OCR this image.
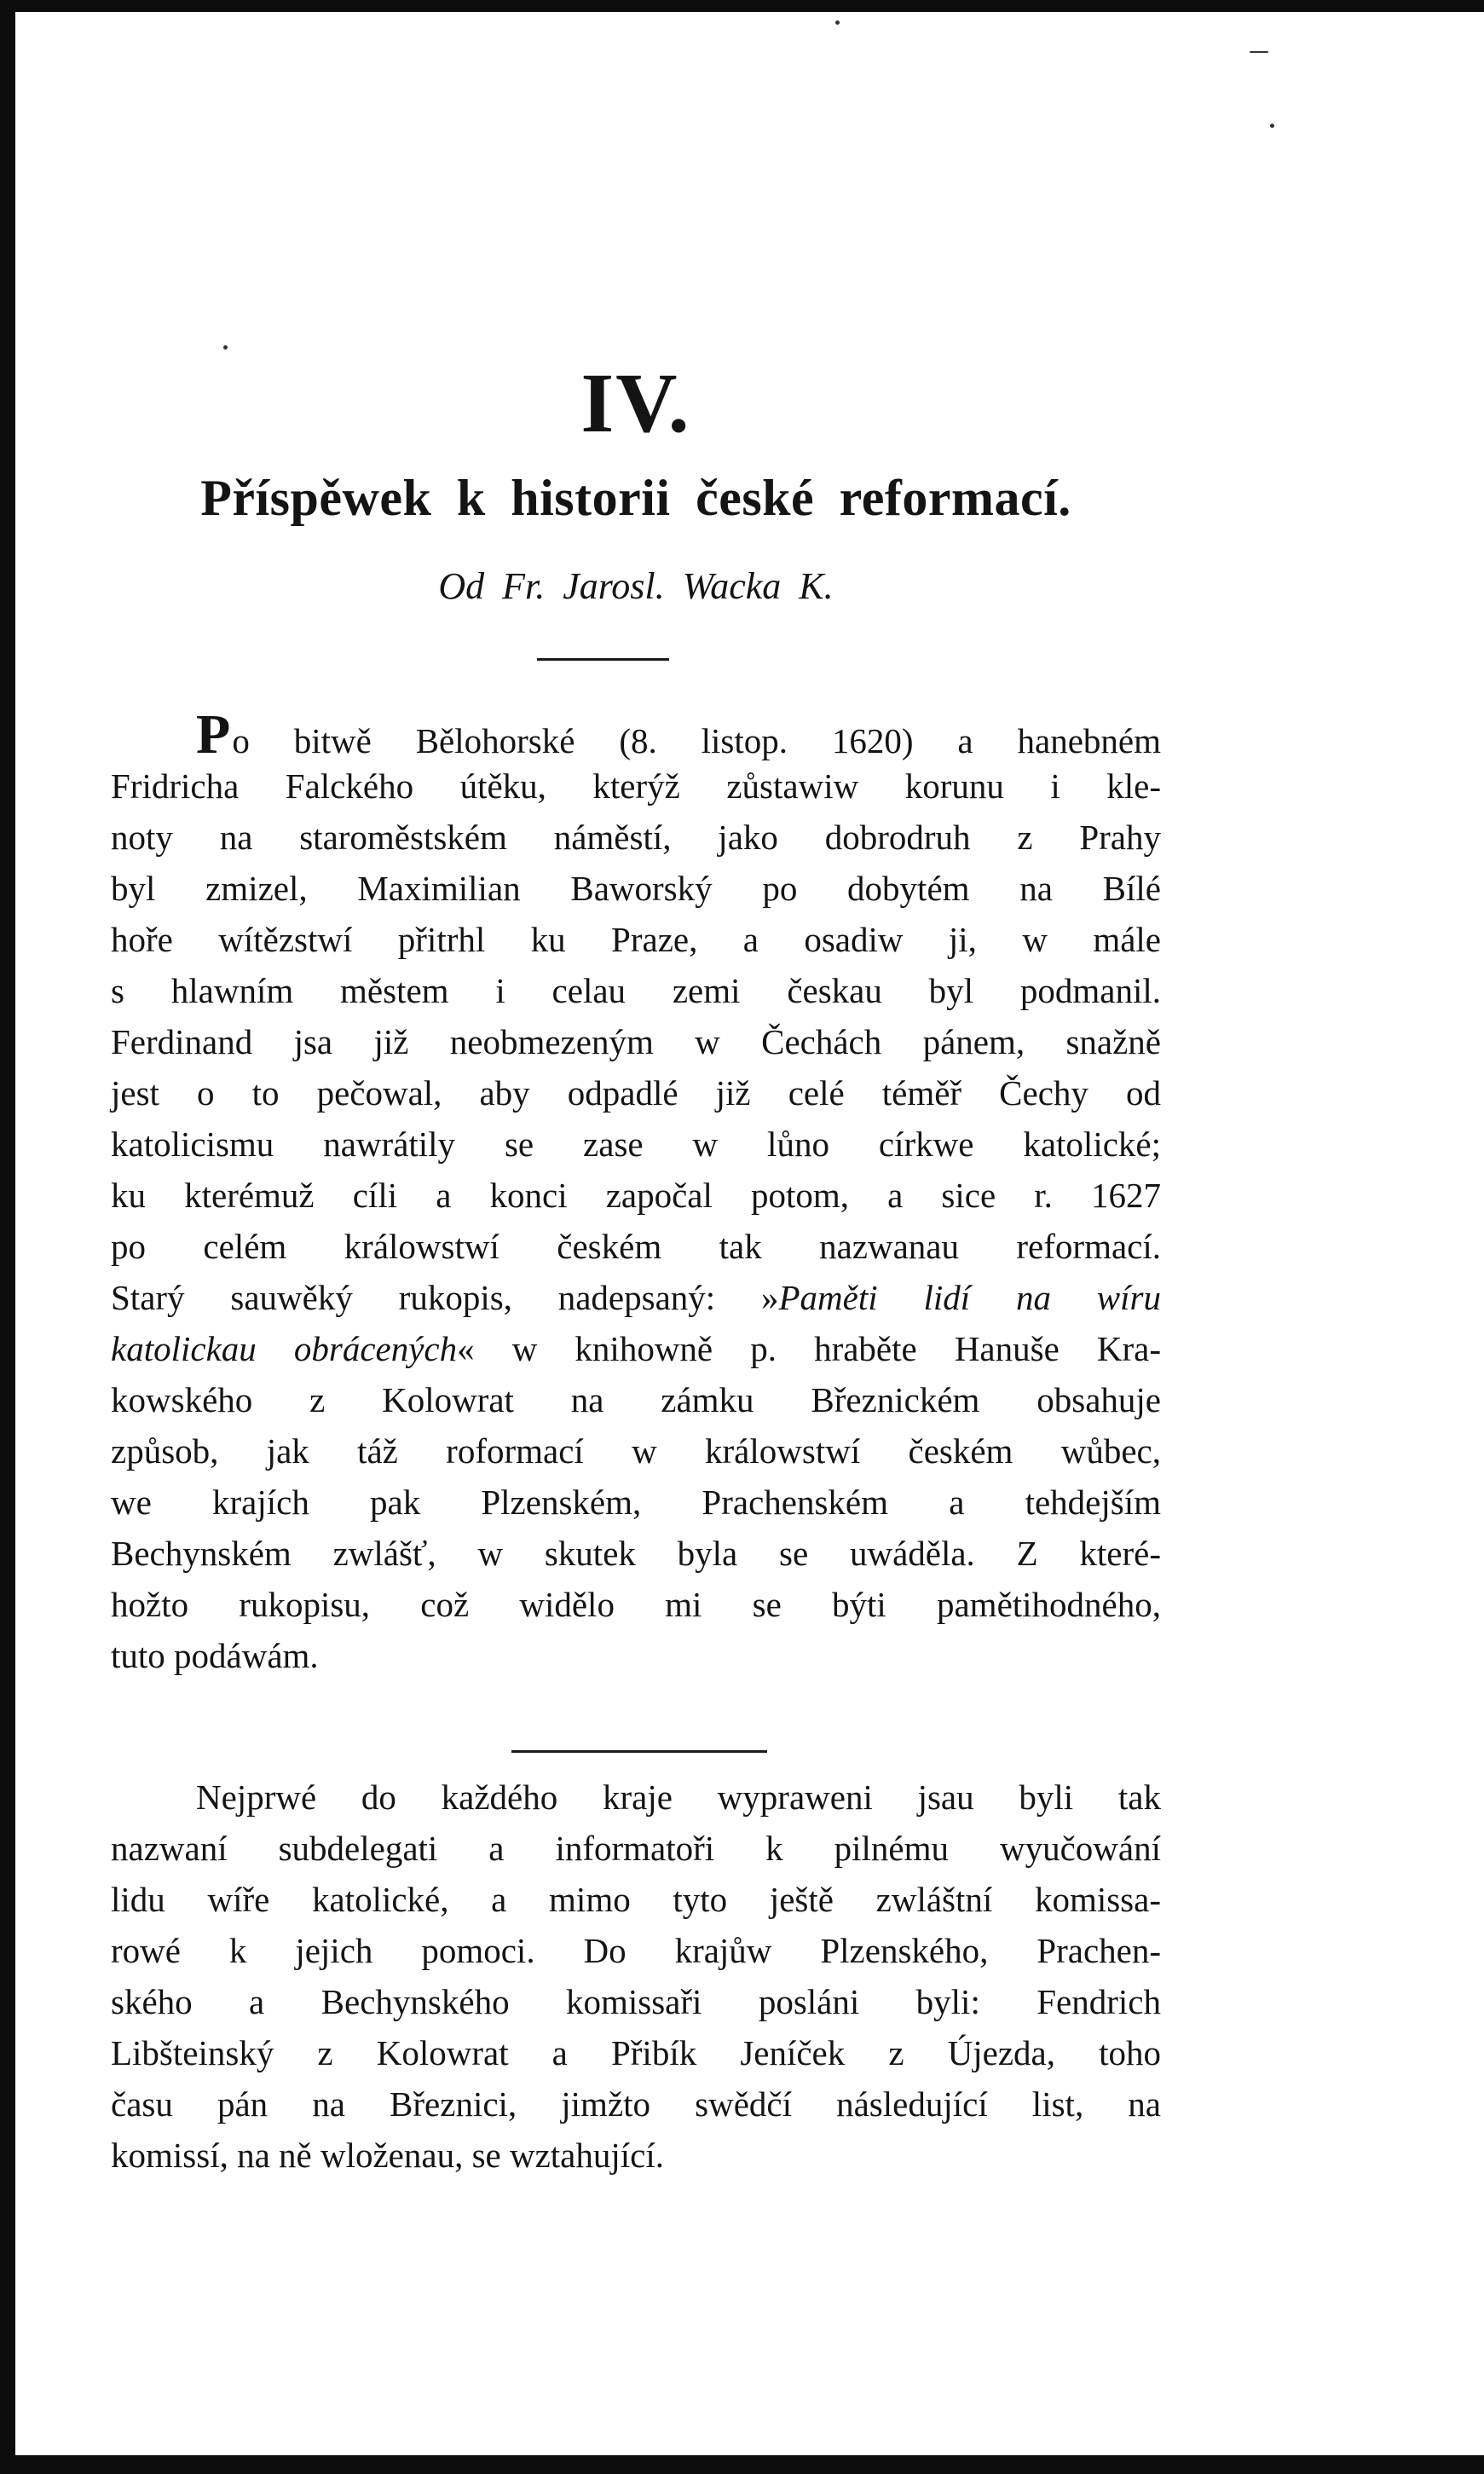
IV.
Příspěwek k historii české reformací.
Od Fr. Jarosl. Wacka K.
Po bitwě Bělohorské (8. listop. 1620) a hanebném
Fridricha Falckého útěku, kterýž zůstawiw korunu i kle-
noty na staroměstském náměstí, jako dobrodruh z Prahy
byl zmizel, Maximilian Baworský po dobytém na Bílé
hoře wítězstwí přitrhl ku Praze, a osadiw ji, w mále
s hlawním městem i celau zemi českau byl podmanil.
Ferdinand jsa již neobmezeným w Čechách pánem, snažně
jest o to pečowal, aby odpadlé již celé téměř Čechy od
katolicismu nawrátily se zase w lůno církwe katolické;
ku kterémuž cíli a konci započal potom, a sice r. 1627
po celém králowstwí českém tak nazwanau reformací.
Starý sauwěký rukopis, nadepsaný: »Paměti lidí na wíru
katolickau obrácených« w knihowně p. hraběte Hanuše Kra-
kowského z Kolowrat na zámku Březnickém obsahuje
způsob, jak táž roformací w králowstwí českém wůbec,
we krajích pak Plzenském, Prachenském a tehdejším
Bechynském zwlášť, w skutek byla se uwáděla. Z které-
hožto rukopisu, což widělo mi se býti pamětihodného,
tuto podáwám.
Nejprwé do každého kraje wypraweni jsau byli tak
nazwaní subdelegati a informatoři k pilnému wyučowání
lidu wíře katolické, a mimo tyto ještě zwláštní komissa-
rowé k jejich pomoci. Do krajůw Plzenského, Prachen-
ského a Bechynského komissaři posláni byli: Fendrich
Libšteinský z Kolowrat a Přibík Jeníček z Újezda, toho
času pán na Březnici, jimžto swědčí následující list, na
komissí, na ně wloženau, se wztahující.
